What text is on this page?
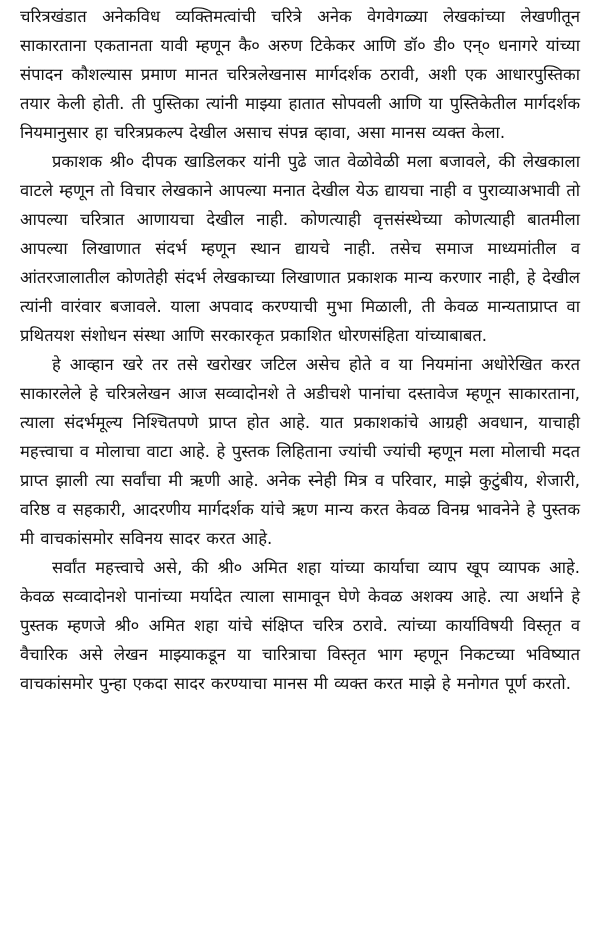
चरित्रखंडात अनेकविध व्यक्तिमत्वांची चरित्रे अनेक वेगवेगळ्या लेखकांच्या लेखणीतून साकारताना एकतानता यावी म्हणून कै० अरुण टिकेकर आणि डॉ० डी० एन्० धनागरे यांच्या संपादन कौशल्यास प्रमाण मानत चरित्रलेखनास मार्गदर्शक ठरावी, अशी एक आधारपुस्तिका तयार केली होती. ती पुस्तिका त्यांनी माझ्या हातात सोपवली आणि या पुस्तिकेतील मार्गदर्शक नियमानुसार हा चरित्रप्रकल्प देखील असाच संपन्न व्हावा, असा मानस व्यक्त केला.

प्रकाशक श्री० दीपक खाडिलकर यांनी पुढे जात वेळोवेळी मला बजावले, की लेखकाला वाटले म्हणून तो विचार लेखकाने आपल्या मनात देखील येऊ द्यायचा नाही व पुराव्याअभावी तो आपल्या चरित्रात आणायचा देखील नाही. कोणत्याही वृत्तसंस्थेच्या कोणत्याही बातमीला आपल्या लिखाणात संदर्भ म्हणून स्थान द्यायचे नाही. तसेच समाज माध्यमांतील व आंतरजालातील कोणतेही संदर्भ लेखकाच्या लिखाणात प्रकाशक मान्य करणार नाही, हे देखील त्यांनी वारंवार बजावले. याला अपवाद करण्याची मुभा मिळाली, ती केवळ मान्यताप्राप्त वा प्रथितयश संशोधन संस्था आणि सरकारकृत प्रकाशित धोरणसंहिता यांच्याबाबत.

हे आव्हान खरे तर तसे खरोखर जटिल असेच होते व या नियमांना अधोरेखित करत साकारलेले हे चरित्रलेखन आज सव्वादोनशे ते अडीचशे पानांचा दस्तावेज म्हणून साकारताना, त्याला संदर्भमूल्य निश्चितपणे प्राप्त होत आहे. यात प्रकाशकांचे आग्रही अवधान, याचाही महत्त्वाचा व मोलाचा वाटा आहे. हे पुस्तक लिहिताना ज्यांची ज्यांची म्हणून मला मोलाची मदत प्राप्त झाली त्या सर्वांचा मी ऋणी आहे. अनेक स्नेही मित्र व परिवार, माझे कुटुंबीय, शेजारी, वरिष्ठ व सहकारी, आदरणीय मार्गदर्शक यांचे ऋण मान्य करत केवळ विनम्र भावनेने हे पुस्तक मी वाचकांसमोर सविनय सादर करत आहे.

सर्वांत महत्त्वाचे असे, की श्री० अमित शहा यांच्या कार्याचा व्याप खूप व्यापक आहे. केवळ सव्वादोनशे पानांच्या मर्यादेत त्याला सामावून घेणे केवळ अशक्य आहे. त्या अर्थाने हे पुस्तक म्हणजे श्री० अमित शहा यांचे संक्षिप्त चरित्र ठरावे. त्यांच्या कार्याविषयी विस्तृत व वैचारिक असे लेखन माझ्याकडून या चारित्राचा विस्तृत भाग म्हणून निकटच्या भविष्यात वाचकांसमोर पुन्हा एकदा सादर करण्याचा मानस मी व्यक्त करत माझे हे मनोगत पूर्ण करतो.
